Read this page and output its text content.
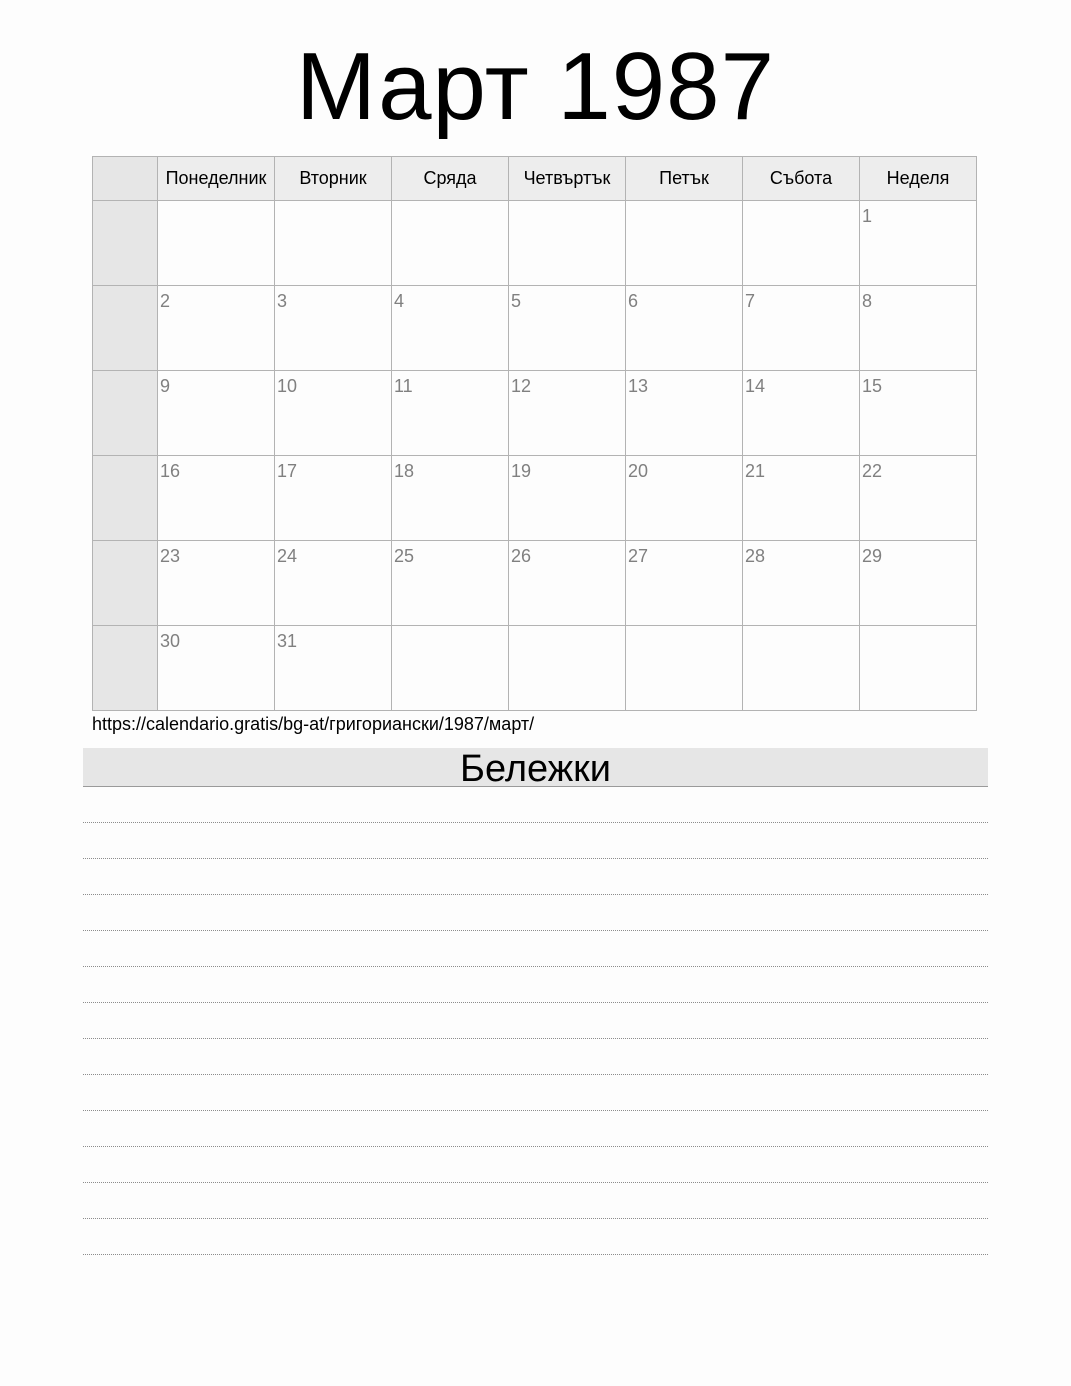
Март 1987
	Понеделник	Вторник	Сряда	Четвъртък	Петък	Събота	Неделя

							1

	2	3	4	5	6	7	8

	9	10	11	12	13	14	15

	16	17	18	19	20	21	22

	23	24	25	26	27	28	29

	30	31					

https://calendario.gratis/bg-at/григориански/1987/март/
Бележки
